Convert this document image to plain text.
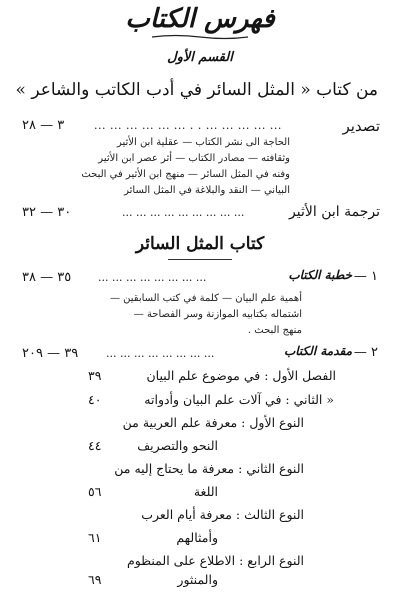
فهرس الكتاب
القسم الأول
من كتاب « المثل السائر في أدب الكاتب والشاعر »
تصدير
... ... ... ... ... ... . . ... ... ... ... ...
٣ — ٢٨
الحاجة الى نشر الكتاب — عقلية ابن الأثير
وثقافته — مصادر الكتاب — أثر عصر ابن الأثير
وفنه في المثل السائر — منهج ابن الأثير في البحث
البياني — النقد والبلاغة في المثل السائر
ترجمة ابن الأثير
... ... ... ... ... ... ... ... ...
٣٠ — ٣٢
كتاب المثل السائر
١ —
خطبة الكتاب
... ... ... ... ... ... ... ...
٣٥ — ٣٨
أهمية علم البيان — كلمة في كتب السابقين —
اشتماله بكتابيه الموازنة وسر الفصاحة —
منهج البحث .
٢ —
مقدمة الكتاب
... ... ... ... ... ... ... ...
٣٩ — ٢٠٩
الفصل الأول : في موضوع علم البيان
٣٩
« الثاني : في آلات علم البيان وأدواته
٤٠
النوع الأول : معرفة علم العربية من
النحو والتصريف
٤٤
النوع الثاني : معرفة ما يحتاج إليه من
اللغة
٥٦
النوع الثالث : معرفة أيام العرب
وأمثالهم
٦١
النوع الرابع : الاطلاع على المنظوم
والمنثور
٦٩
